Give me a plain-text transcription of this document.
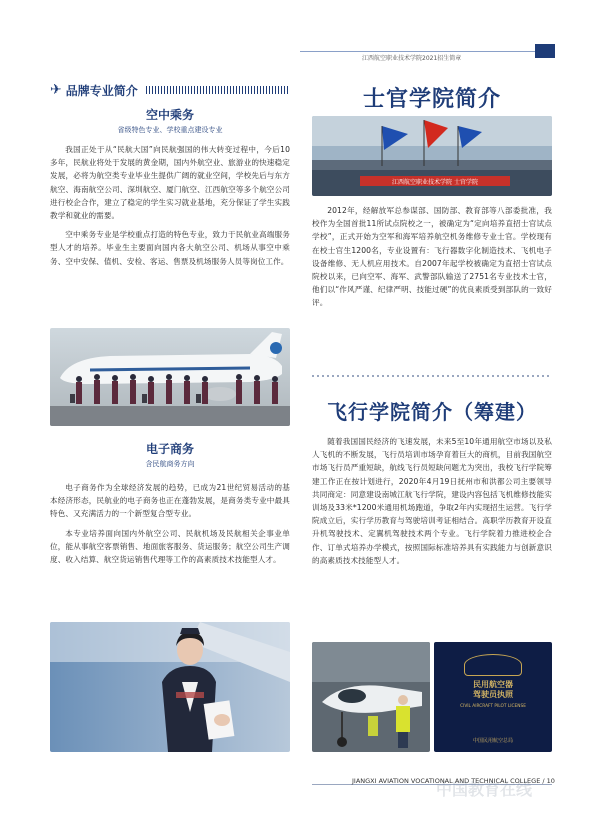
江西航空职业技术学院2021招生简章
✈ 品牌专业简介
空中乘务
省级特色专业、学校重点建设专业

我国正处于从“民航大国”向民航强国的伟大转变过程中，今后10多年，民航业将处于发展的黄金期，国内外航空业、旅游业的快速稳定发展，必将为航空类专业毕业生提供广阔的就业空间，学校先后与东方航空、海南航空公司、深圳航空、厦门航空、江西航空等多个航空公司进行校企合作，建立了稳定的学生实习就业基地，充分保证了学生实践教学和就业的需要。

空中乘务专业是学校重点打造的特色专业，致力于民航业高端服务型人才的培养。毕业生主要面向国内各大航空公司、机场从事空中乘务、空中安保、值机、安检、客运、售票及机场服务人员等岗位工作。

电子商务
含民航商务方向

电子商务作为全球经济发展的趋势，已成为21世纪贸易活动的基本经济形态，民航业的电子商务也正在蓬勃发展，是商务类专业中最具特色、又充满活力的一个新型复合型专业。

本专业培养面向国内外航空公司、民航机场及民航相关企事业单位，能从事航空客票销售、地面旅客服务、货运服务；航空公司生产调度、收入结算、航空货运销售代理等工作的高素质技术技能型人才。

士官学院简介
江西航空职业技术学院 士官学院

2012年，经解放军总参谋部、国防部、教育部等八部委批准，我校作为全国首批11所试点院校之一，被确定为“定向培养直招士官试点学校”，正式开始为空军和海军培养航空机务维修专业士官。学校现有在校士官生1200名，专业设置有：飞行器数字化制造技术、飞机电子设备维修、无人机应用技术。自2007年起学校被确定为直招士官试点院校以来，已向空军、海军、武警部队输送了2751名专业技术士官，他们以“作风严谨、纪律严明、技能过硬”的优良素质受到部队的一致好评。

飞行学院简介（筹建）

随着我国国民经济的飞速发展，未来5至10年通用航空市场以及私人飞机的不断发展，飞行员培训市场孕育着巨大的商机，目前我国航空市场飞行员严重短缺，航线飞行员短缺问题尤为突出，我校飞行学院筹建工作正在按计划进行，2020年4月19日抚州市和洪都公司主要领导共同商定：同意建设南城江航飞行学院，建设内容包括飞机维修技能实训场及33米*1200米通用机场跑道，争取2年内实现招生运营。飞行学院成立后，实行学历教育与驾驶培训考证相结合。高职学历教育开设直升机驾驶技术、定翼机驾驶技术两个专业。飞行学院着力推进校企合作、订单式培养办学模式，按照国际标准培养具有实践能力与创新意识的高素质技术技能型人才。

民用航空器
驾驶员执照
CIVIL AIRCRAFT PILOT LICENSE
中国民用航空总局
JIANGXI AVIATION VOCATIONAL AND TECHNICAL COLLEGE / 10
中国教育在线
